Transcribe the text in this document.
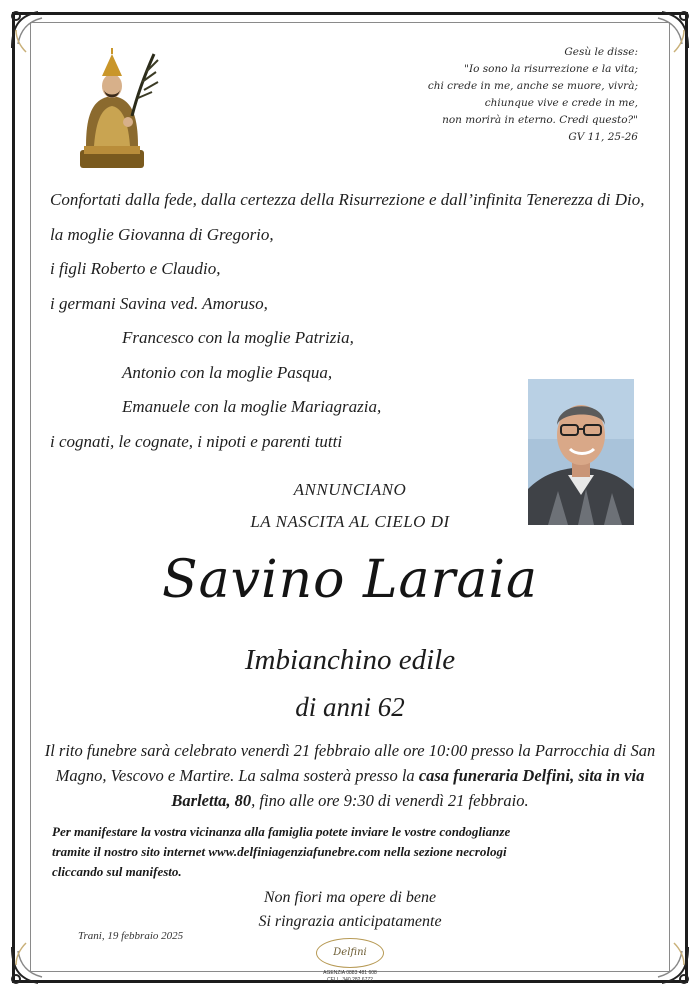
Gesù le disse:
"Io sono la risurrezione e la vita;
chi crede in me, anche se muore, vivrà;
chiunque vive e crede in me,
non morirà in eterno. Credi questo?"
GV 11, 25-26
Confortati dalla fede, dalla certezza della Risurrezione e dall’infinita Tenerezza di Dio,
la moglie Giovanna di Gregorio,
i figli Roberto e Claudio,
i germani Savina ved. Amoruso,
Francesco con la moglie Patrizia,
Antonio con la moglie Pasqua,
Emanuele con la moglie Mariagrazia,
i cognati, le cognate, i nipoti e parenti tutti
ANNUNCIANO
LA NASCITA AL CIELO DI
Savino Laraia
Imbianchino edile
di anni 62
Il rito funebre sarà celebrato venerdì 21 febbraio alle ore 10:00 presso la Parrocchia di San Magno, Vescovo e Martire. La salma sosterà presso la casa funeraria Delfini, sita in via Barletta, 80, fino alle ore 9:30 di venerdì 21 febbraio.
Per manifestare la vostra vicinanza alla famiglia potete inviare le vostre condoglianze
tramite il nostro sito internet www.delfiniagenziafunebre.com nella sezione necrologi
cliccando sul manifesto.
Non fiori ma opere di bene
Si ringrazia anticipatamente
Trani, 19 febbraio 2025
Delfini
AGENZIA 0883 481 608
CELL. 340 282 6772
